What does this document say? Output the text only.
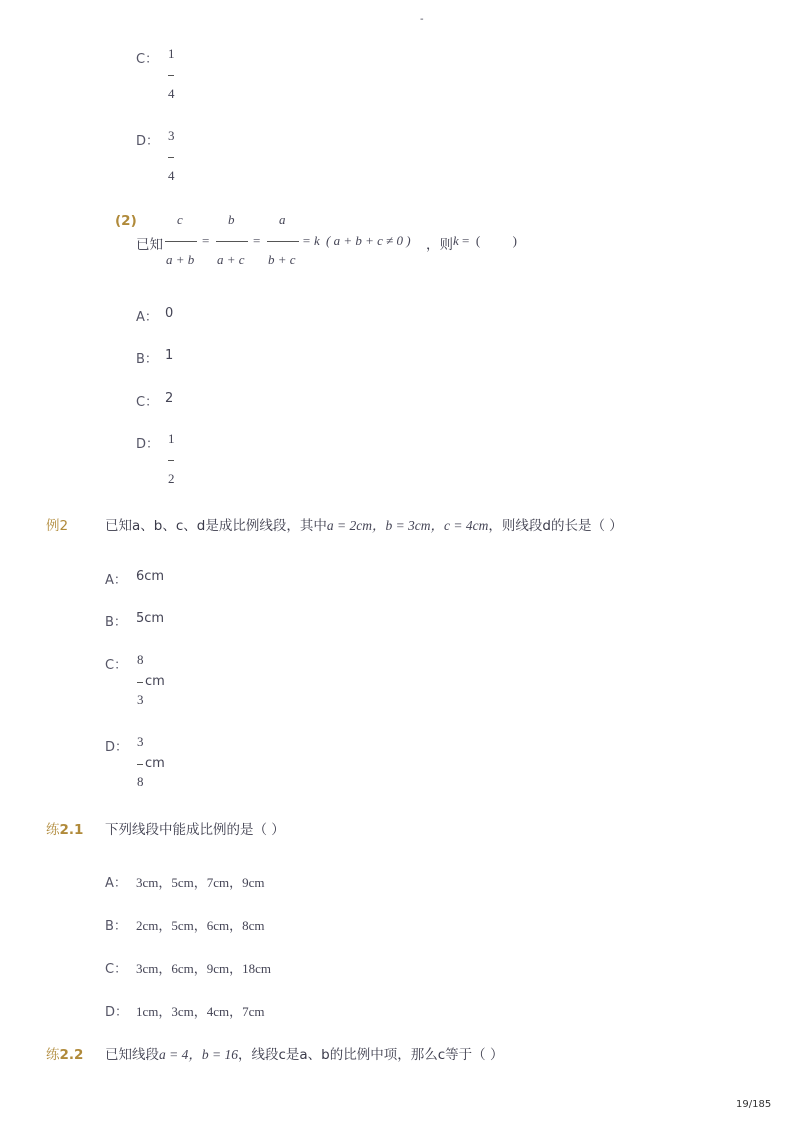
-
C： 1
4
D： 3
4
(2)
已知
c
a + b
=
b
a + c
=
a
b + c
= k ( a + b + c ≠ 0 ) ，则 k =  (          )
A： 0
B： 1
C： 2
D： 1
2
例2	已知a、b、c、d是成比例线段，其中a = 2cm，b = 3cm，c = 4cm，则线段d的长是（ ）
A： 6cm
B： 5cm
C： 8
cm
3
D： 3
cm
8
练2.1 下列线段中能成比例的是（ ）
A： 3cm，5cm，7cm，9cm
B： 2cm，5cm，6cm，8cm
C： 3cm，6cm，9cm，18cm
D： 1cm，3cm，4cm，7cm
练2.2 已知线段a = 4，b = 16，线段c是a、b的比例中项，那么c等于（ ）
19/185
